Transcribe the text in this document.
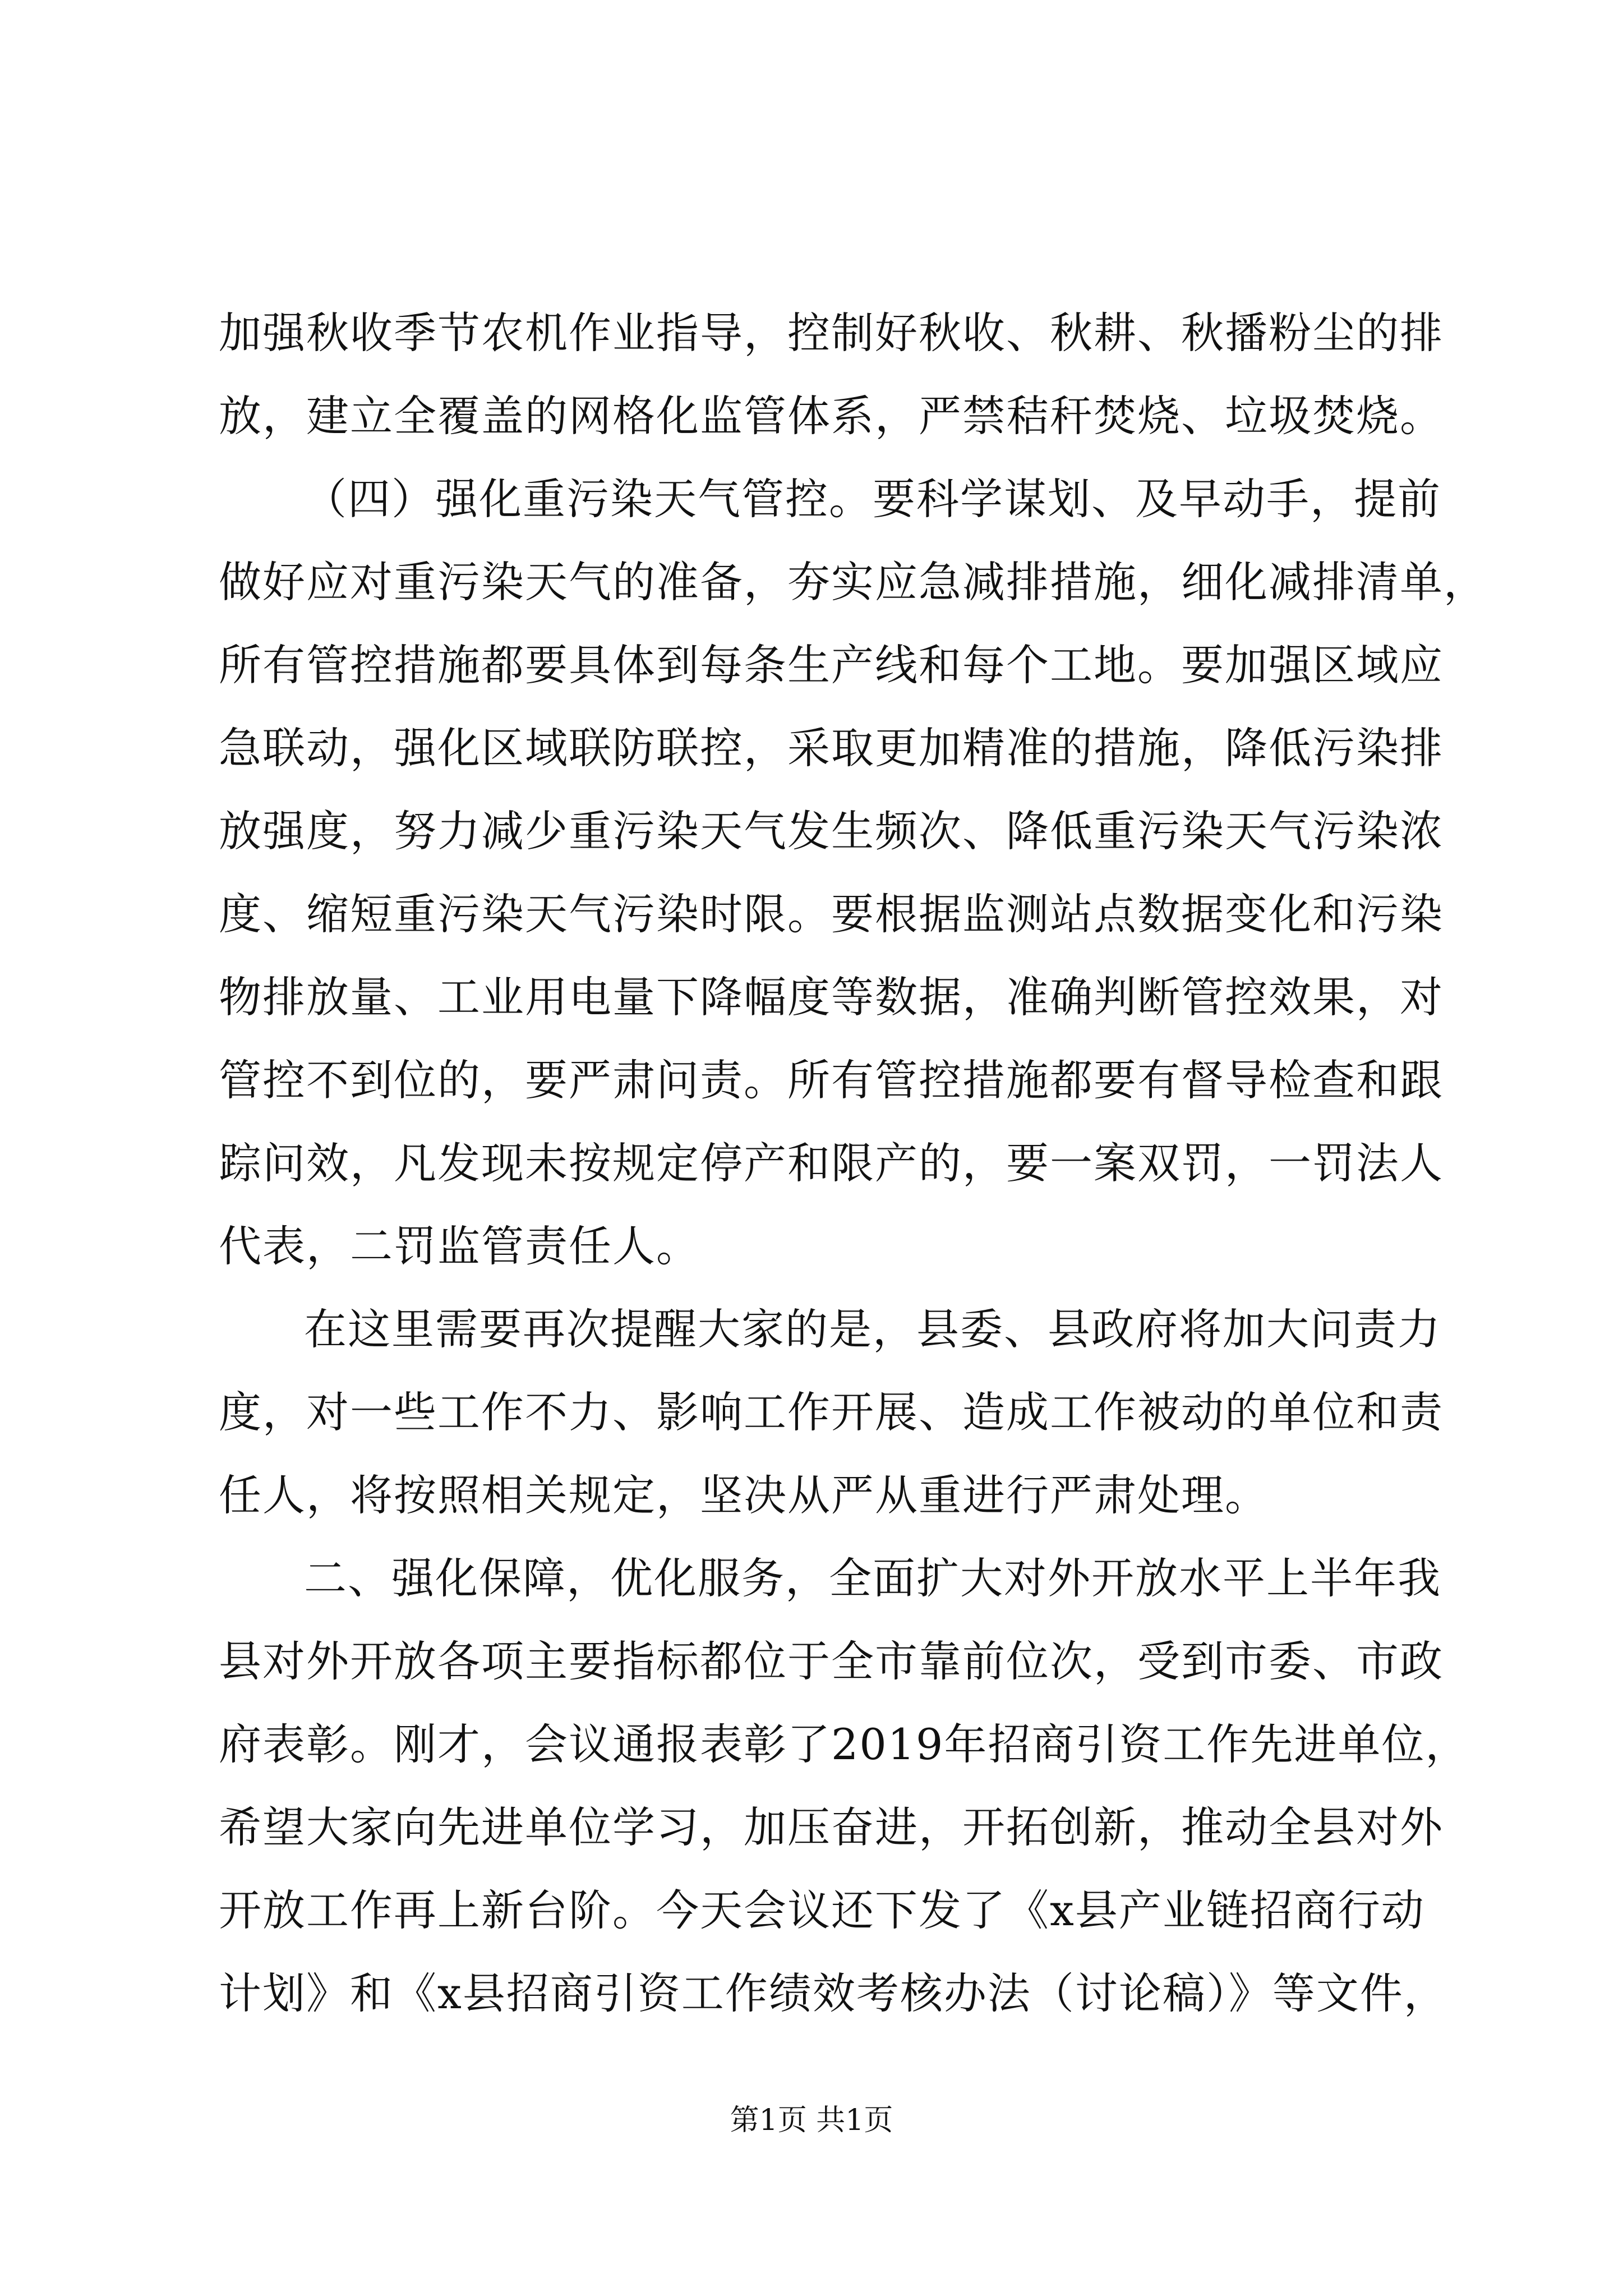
加强秋收季节农机作业指导，控制好秋收、秋耕、秋播粉尘的排
放，建立全覆盖的网格化监管体系，严禁秸秆焚烧、垃圾焚烧。
（四）强化重污染天气管控。要科学谋划、及早动手，提前
做好应对重污染天气的准备，夯实应急减排措施，细化减排清单，
所有管控措施都要具体到每条生产线和每个工地。要加强区域应
急联动，强化区域联防联控，采取更加精准的措施，降低污染排
放强度，努力减少重污染天气发生频次、降低重污染天气污染浓
度、缩短重污染天气污染时限。要根据监测站点数据变化和污染
物排放量、工业用电量下降幅度等数据，准确判断管控效果，对
管控不到位的，要严肃问责。所有管控措施都要有督导检查和跟
踪问效，凡发现未按规定停产和限产的，要一案双罚，一罚法人
代表，二罚监管责任人。
在这里需要再次提醒大家的是，县委、县政府将加大问责力
度，对一些工作不力、影响工作开展、造成工作被动的单位和责
任人，将按照相关规定，坚决从严从重进行严肃处理。
二、强化保障，优化服务，全面扩大对外开放水平上半年我
县对外开放各项主要指标都位于全市靠前位次，受到市委、市政
府表彰。刚才，会议通报表彰了2019年招商引资工作先进单位，
希望大家向先进单位学习，加压奋进，开拓创新，推动全县对外
开放工作再上新台阶。今天会议还下发了《x县产业链招商行动
计划》和《x县招商引资工作绩效考核办法（讨论稿）》等文件，
第1页 共1页
